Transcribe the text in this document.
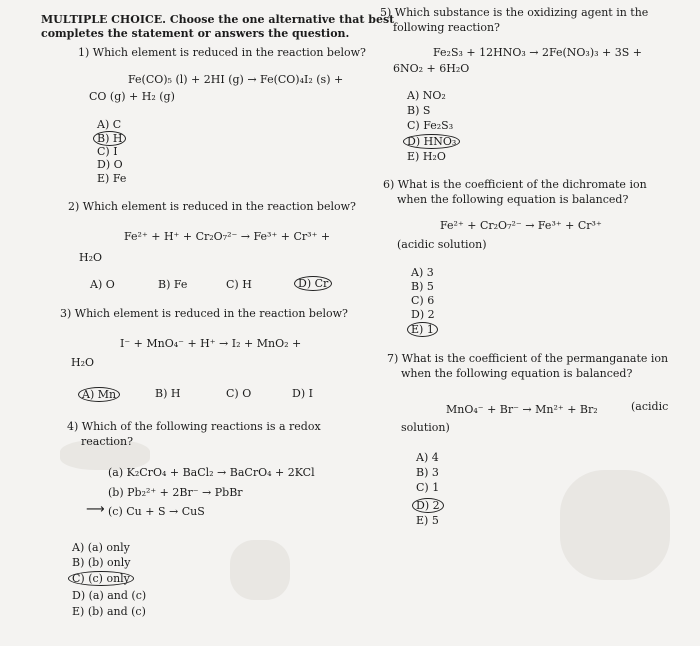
MULTIPLE CHOICE. Choose the one alternative that best
completes the statement or answers the question.
1) Which element is reduced in the reaction below?
Fe(CO)₅ (l) + 2HI (g) → Fe(CO)₄I₂ (s) +
CO (g) + H₂ (g)
A) C
B) H
C) I
D) O
E) Fe
2) Which element is reduced in the reaction below?
Fe²⁺ + H⁺ + Cr₂O₇²⁻ → Fe³⁺ + Cr³⁺ +
H₂O
A) O	B) Fe	C) H	D) Cr
3) Which element is reduced in the reaction below?
I⁻ + MnO₄⁻ + H⁺ → I₂ + MnO₂ +
H₂O
A) Mn	B) H	C) O	D) I
4) Which of the following reactions is a redox
reaction?
(a) K₂CrO₄ + BaCl₂ → BaCrO₄ + 2KCl
(b) Pb₂²⁺ + 2Br⁻ → PbBr
⟶ (c) Cu + S → CuS
A) (a) only
B) (b) only
C) (c) only
D) (a) and (c)
E) (b) and (c)
5) Which substance is the oxidizing agent in the
following reaction?
Fe₂S₃ + 12HNO₃ → 2Fe(NO₃)₃ + 3S +
6NO₂ + 6H₂O
A) NO₂
B) S
C) Fe₂S₃
D) HNO₃
E) H₂O
6) What is the coefficient of the dichromate ion
when the following equation is balanced?
Fe²⁺ + Cr₂O₇²⁻ → Fe³⁺ + Cr³⁺
(acidic solution)
A) 3
B) 5
C) 6
D) 2
E) 1
7) What is the coefficient of the permanganate ion
when the following equation is balanced?
MnO₄⁻ + Br⁻ → Mn²⁺ + Br₂	(acidic
solution)
A) 4
B) 3
C) 1
D) 2
E) 5
